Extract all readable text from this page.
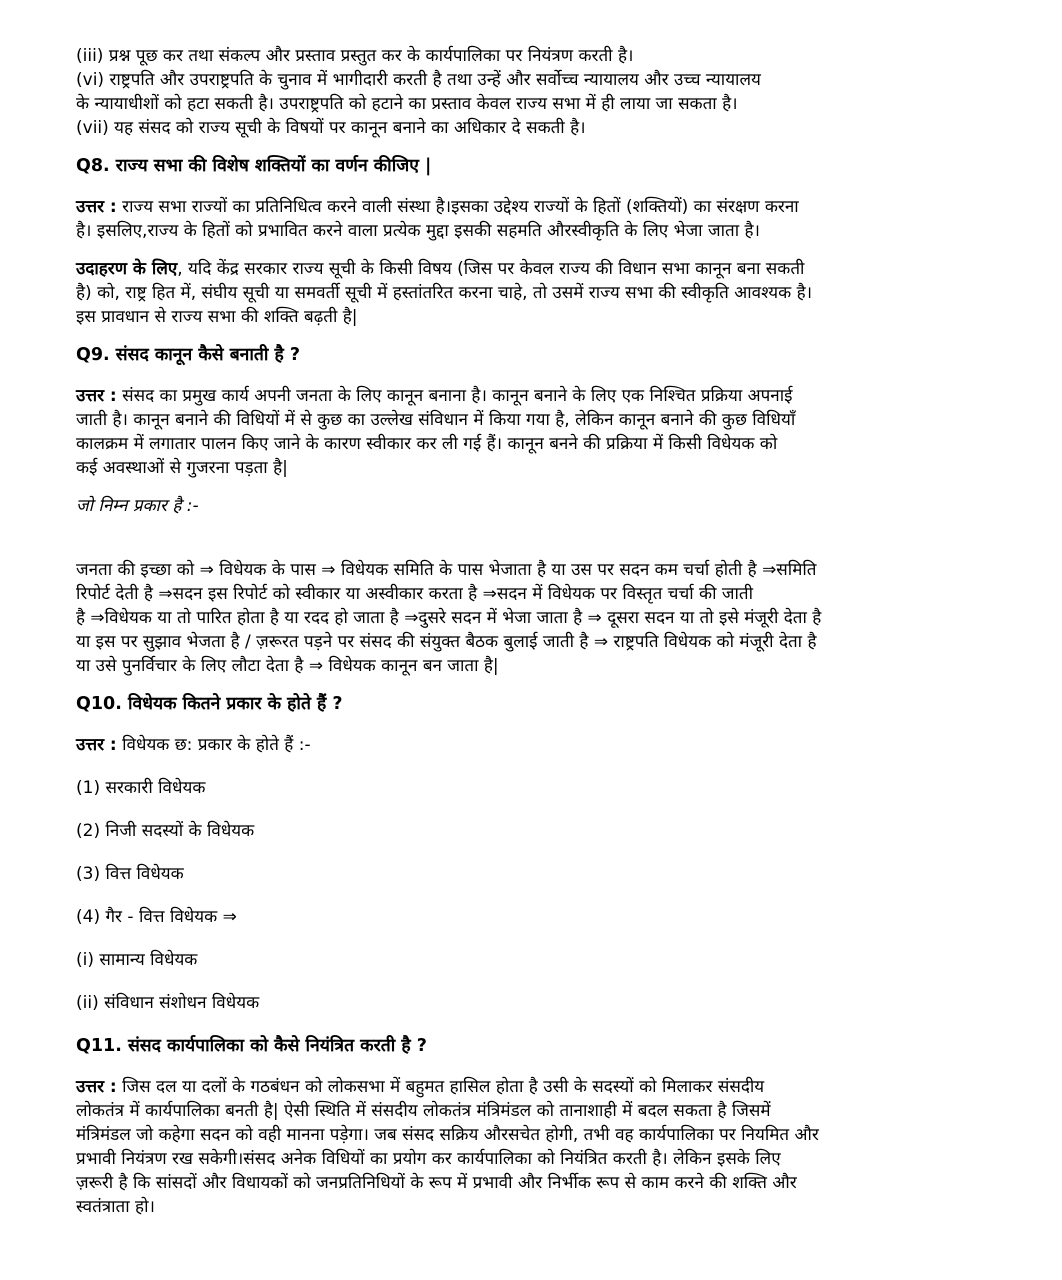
(iii) प्रश्न पूछ कर तथा संकल्प और प्रस्ताव प्रस्तुत कर के कार्यपालिका पर नियंत्रण करती है।
(vi) राष्ट्रपति और उपराष्ट्रपति के चुनाव में भागीदारी करती है तथा उन्हें और सर्वोच्च न्यायालय और उच्च न्यायालय
के न्यायाधीशों को हटा सकती है। उपराष्ट्रपति को हटाने का प्रस्ताव केवल राज्य सभा में ही लाया जा सकता है।
(vii) यह संसद को राज्य सूची के विषयों पर कानून बनाने का अधिकार दे सकती है।
Q8. राज्य सभा की विशेष शक्तियों का वर्णन कीजिए |
उत्तर : राज्य सभा राज्यों का प्रतिनिधित्व करने वाली संस्था है।इसका उद्देश्य राज्यों के हितों (शक्तियों) का संरक्षण करना
है। इसलिए,राज्य के हितों को प्रभावित करने वाला प्रत्येक मुद्दा इसकी सहमति औरस्वीकृति के लिए भेजा जाता है।
उदाहरण के लिए, यदि केंद्र सरकार राज्य सूची के किसी विषय (जिस पर केवल राज्य की विधान सभा कानून बना सकती
है) को, राष्ट्र हित में, संघीय सूची या समवर्ती सूची में हस्तांतरित करना चाहे, तो उसमें राज्य सभा की स्वीकृति आवश्यक है।
इस प्रावधान से राज्य सभा की शक्ति बढ़ती है|
Q9. संसद कानून कैसे बनाती है ?
उत्तर : संसद का प्रमुख कार्य अपनी जनता के लिए कानून बनाना है। कानून बनाने के लिए एक निश्चित प्रक्रिया अपनाई
जाती है। कानून बनाने की विधियों में से कुछ का उल्लेख संविधान में किया गया है, लेकिन कानून बनाने की कुछ विधियाँ
कालक्रम में लगातार पालन किए जाने के कारण स्वीकार कर ली गई हैं। कानून बनने की प्रक्रिया में किसी विधेयक को
कई अवस्थाओं से गुजरना पड़ता है|
जो निम्न प्रकार है :-
जनता की इच्छा को ⇒ विधेयक के पास ⇒ विधेयक समिति के पास भेजाता है या उस पर सदन कम चर्चा होती है ⇒समिति
रिपोर्ट देती है ⇒सदन इस रिपोर्ट को स्वीकार या अस्वीकार करता है ⇒सदन में विधेयक पर विस्तृत चर्चा की जाती
है ⇒विधेयक या तो पारित होता है या रदद हो जाता है ⇒दुसरे सदन में भेजा जाता है ⇒ दूसरा सदन या तो इसे मंजूरी देता है
या इस पर सुझाव भेजता है / ज़रूरत पड़ने पर संसद की संयुक्त बैठक बुलाई जाती है ⇒ राष्ट्रपति विधेयक को मंजूरी देता है
या उसे पुनर्विचार के लिए लौटा देता है ⇒ विधेयक कानून बन जाता है|
Q10. विधेयक कितने प्रकार के होते हैं ?
उत्तर : विधेयक छ: प्रकार के होते हैं :-
(1) सरकारी विधेयक
(2) निजी सदस्यों के विधेयक
(3) वित्त विधेयक
(4) गैर - वित्त विधेयक ⇒
(i) सामान्य विधेयक
(ii) संविधान संशोधन विधेयक
Q11. संसद कार्यपालिका को कैसे नियंत्रित करती है ?
उत्तर : जिस दल या दलों के गठबंधन को लोकसभा में बहुमत हासिल होता है उसी के सदस्यों को मिलाकर संसदीय
लोकतंत्र में कार्यपालिका बनती है| ऐसी स्थिति में संसदीय लोकतंत्र मंत्रिमंडल को तानाशाही में बदल सकता है जिसमें
मंत्रिमंडल जो कहेगा सदन को वही मानना पड़ेगा। जब संसद सक्रिय औरसचेत होगी, तभी वह कार्यपालिका पर नियमित और
प्रभावी नियंत्रण रख सकेगी।संसद अनेक विधियों का प्रयोग कर कार्यपालिका को नियंत्रित करती है। लेकिन इसके लिए
ज़रूरी है कि सांसदों और विधायकों को जनप्रतिनिधियों के रूप में प्रभावी और निर्भीक रूप से काम करने की शक्ति और
स्वतंत्राता हो।
